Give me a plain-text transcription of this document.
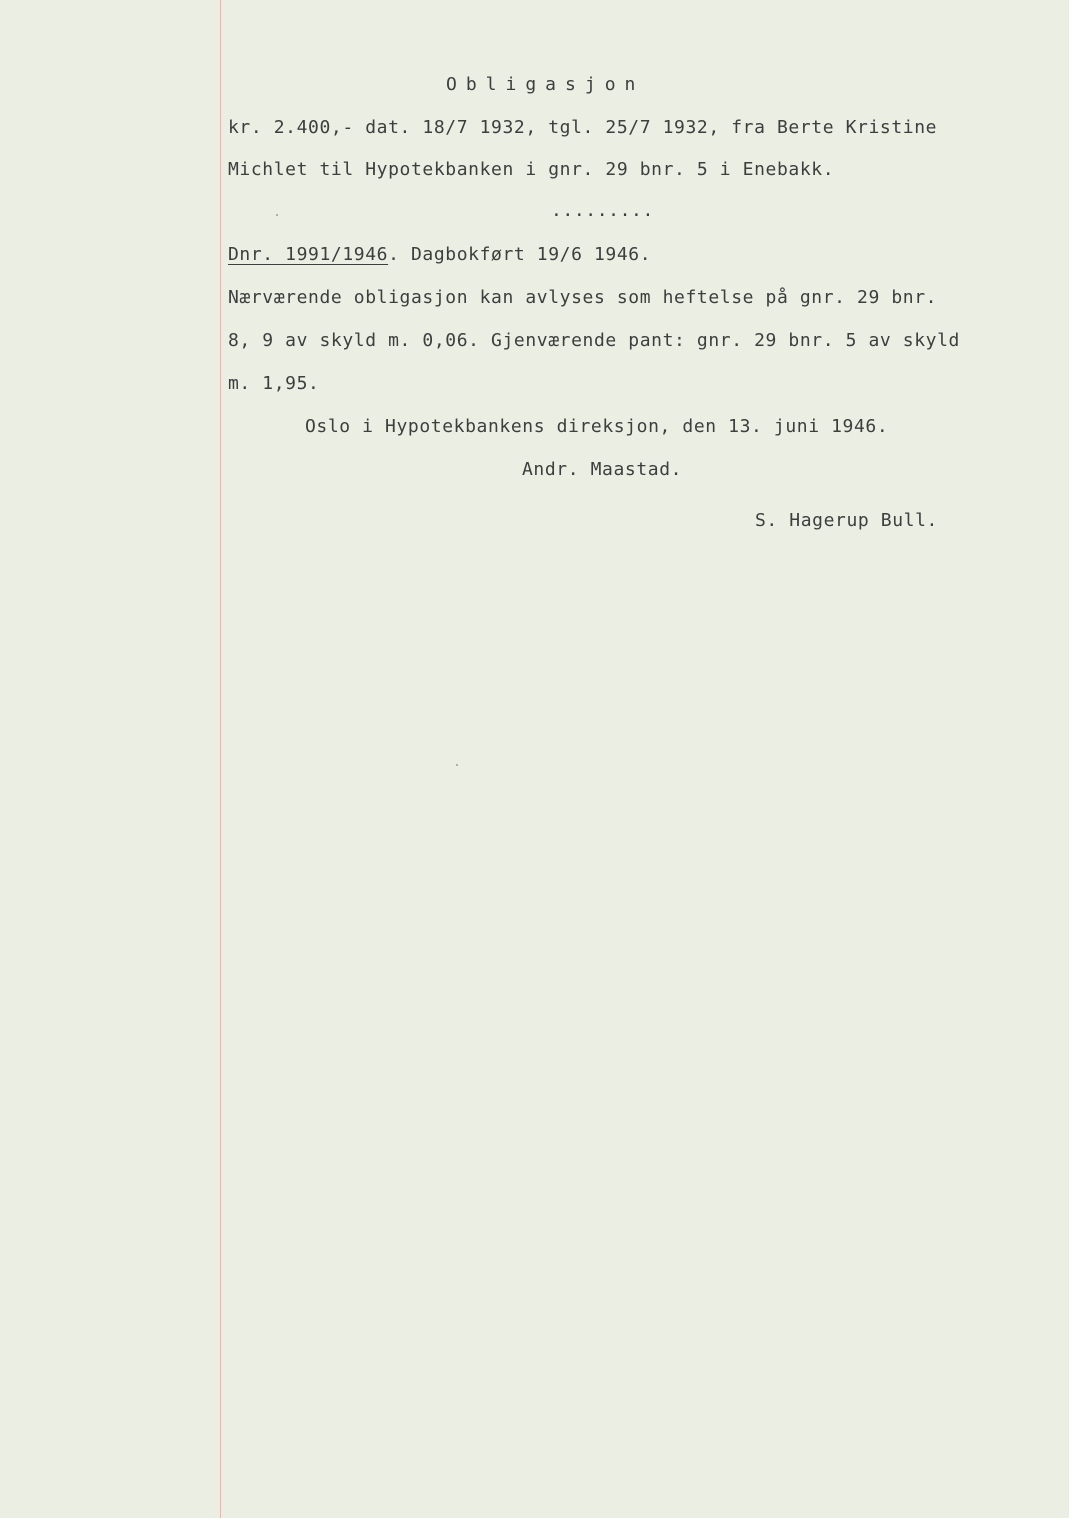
Obligasjon
kr. 2.400,- dat. 18/7 1932, tgl. 25/7 1932, fra Berte Kristine
Michlet til Hypotekbanken i gnr. 29 bnr. 5 i Enebakk.
.........
Dnr. 1991/1946. Dagbokført 19/6 1946.
Nærværende obligasjon kan avlyses som heftelse på gnr. 29 bnr.
8, 9 av skyld m. 0,06. Gjenværende pant: gnr. 29 bnr. 5 av skyld
m. 1,95.
Oslo i Hypotekbankens direksjon, den 13. juni 1946.
Andr. Maastad.
S. Hagerup Bull.
